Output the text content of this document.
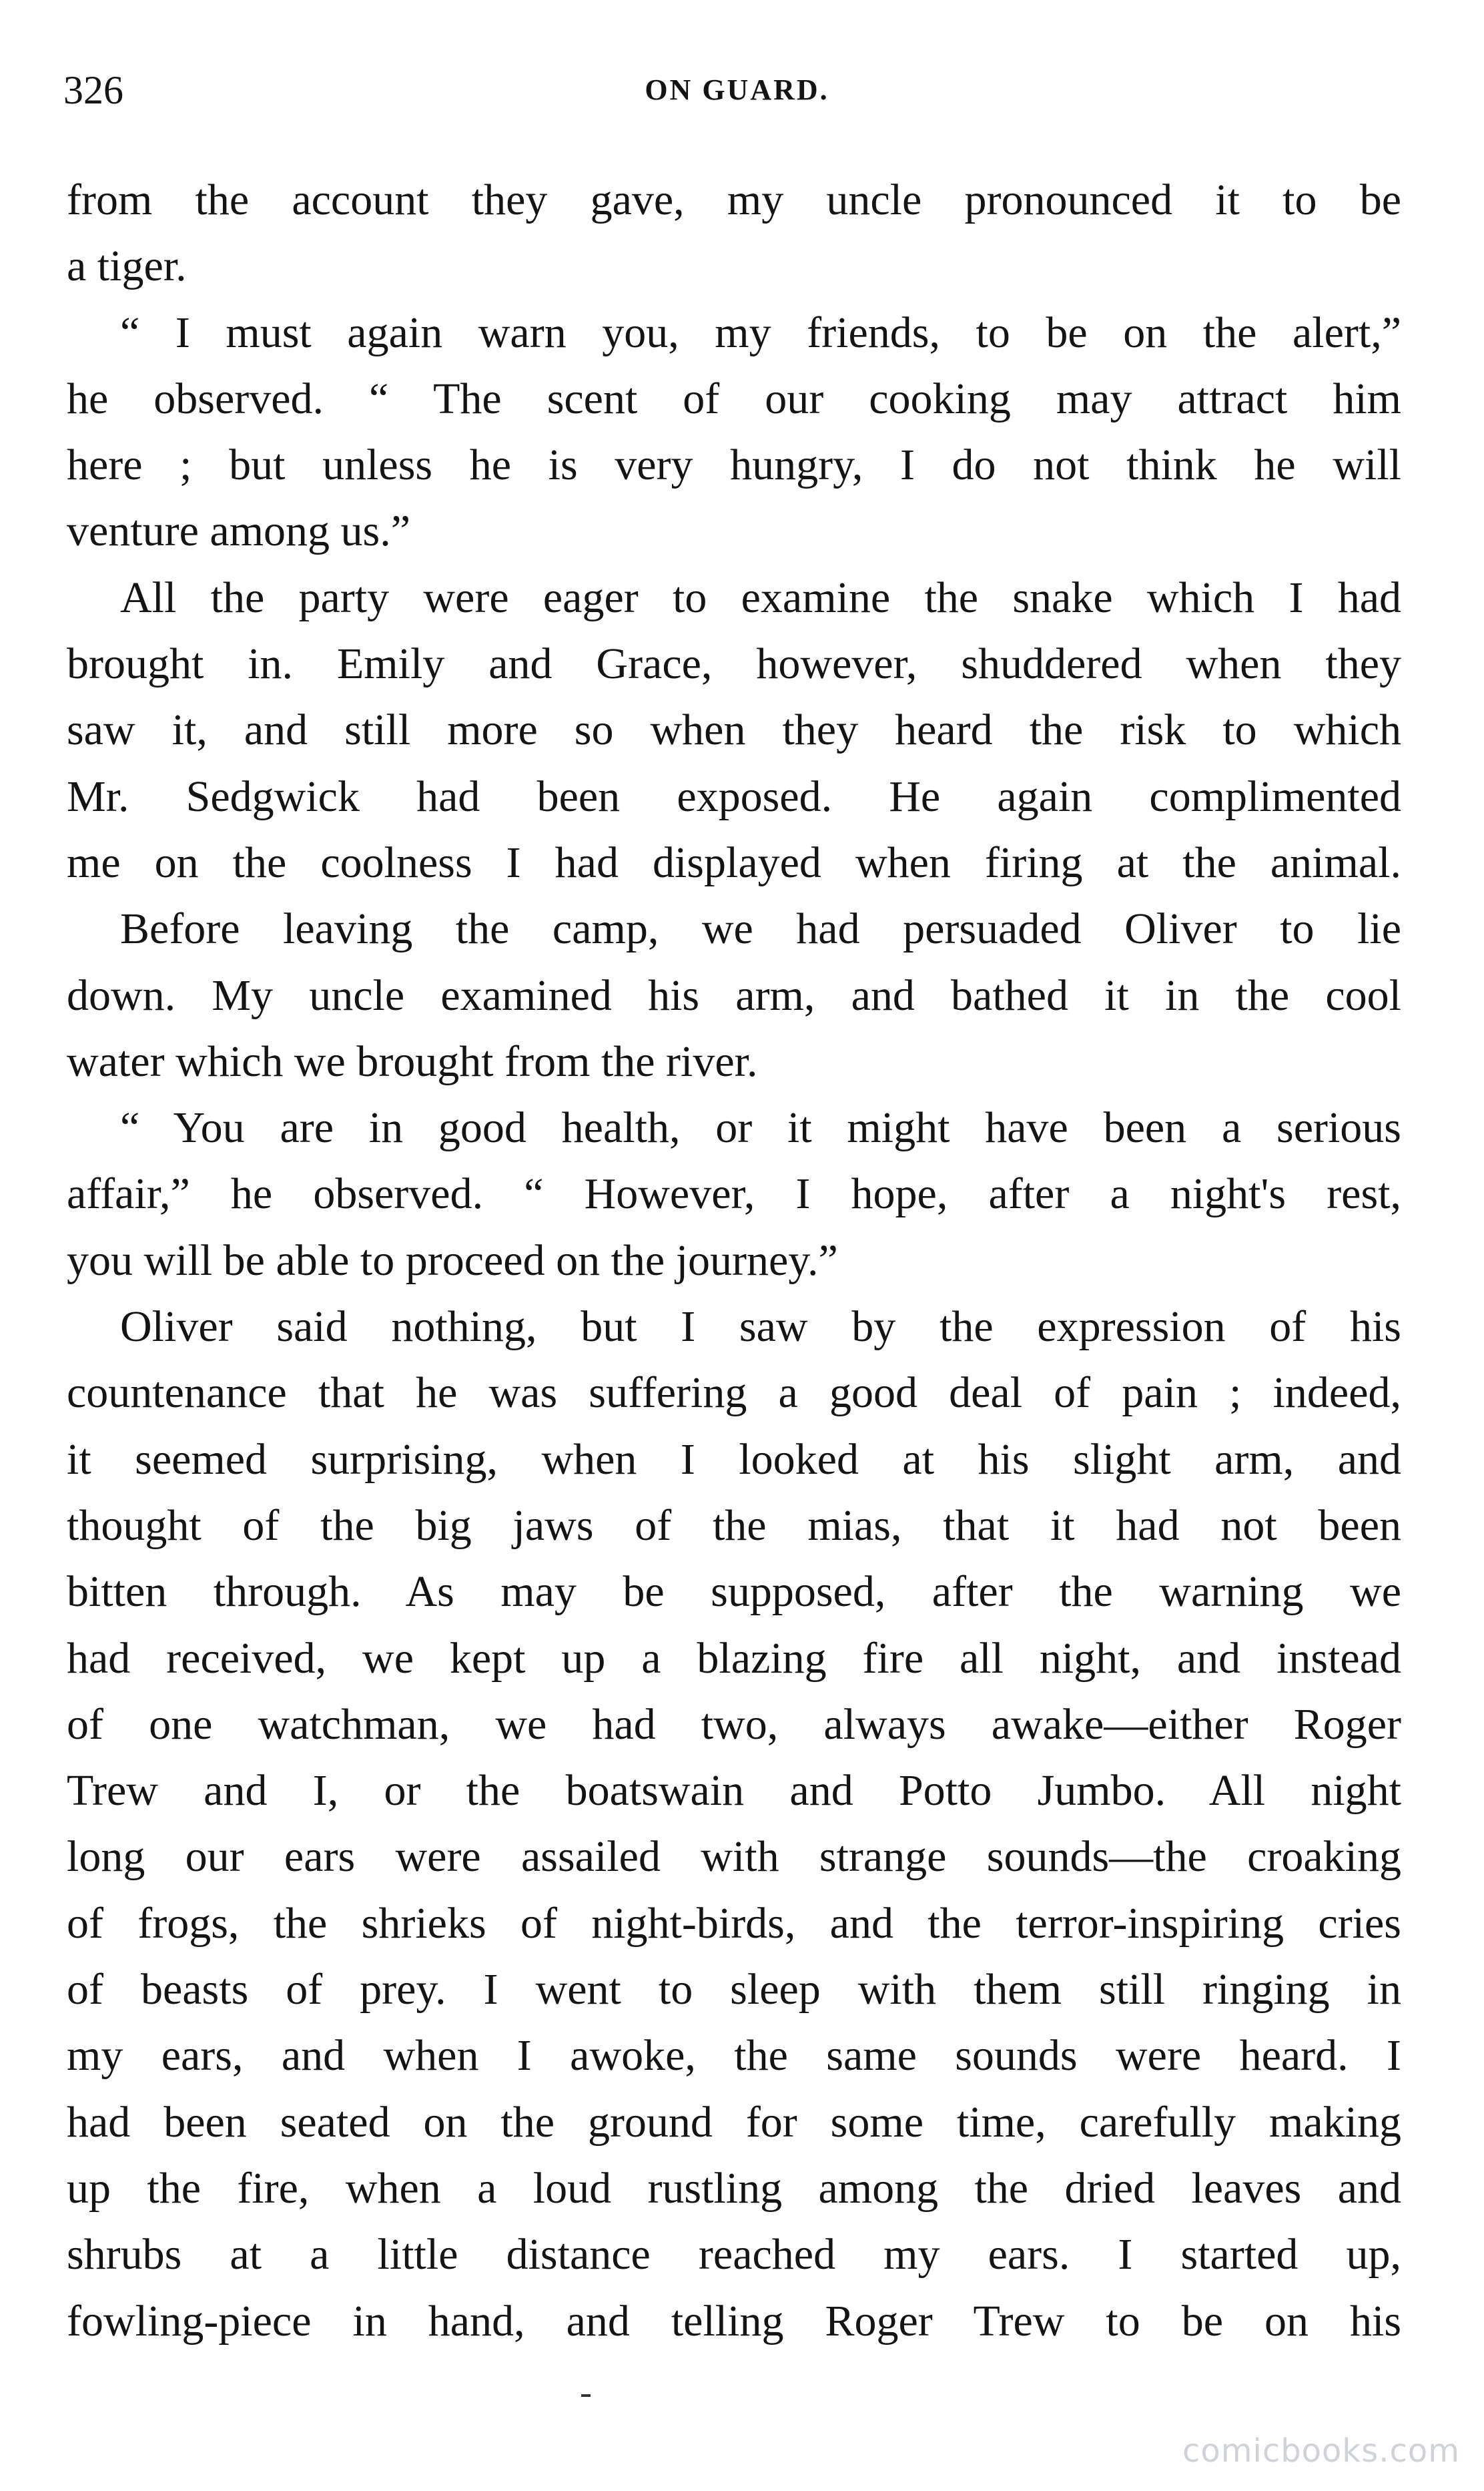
326	ON GUARD.
from the account they gave, my uncle pronounced it to be
a tiger.
“ I must again warn you, my friends, to be on the alert,”
he observed. “ The scent of our cooking may attract him
here ; but unless he is very hungry, I do not think he will
venture among us.”
All the party were eager to examine the snake which I had
brought in. Emily and Grace, however, shuddered when they
saw it, and still more so when they heard the risk to which
Mr. Sedgwick had been exposed. He again complimented
me on the coolness I had displayed when firing at the animal.
Before leaving the camp, we had persuaded Oliver to lie
down. My uncle examined his arm, and bathed it in the cool
water which we brought from the river.
“ You are in good health, or it might have been a serious
affair,” he observed. “ However, I hope, after a night's rest,
you will be able to proceed on the journey.”
Oliver said nothing, but I saw by the expression of his
countenance that he was suffering a good deal of pain ; indeed,
it seemed surprising, when I looked at his slight arm, and
thought of the big jaws of the mias, that it had not been
bitten through. As may be supposed, after the warning we
had received, we kept up a blazing fire all night, and instead
of one watchman, we had two, always awake—either Roger
Trew and I, or the boatswain and Potto Jumbo. All night
long our ears were assailed with strange sounds—the croaking
of frogs, the shrieks of night-birds, and the terror-inspiring cries
of beasts of prey. I went to sleep with them still ringing in
my ears, and when I awoke, the same sounds were heard. I
had been seated on the ground for some time, carefully making
up the fire, when a loud rustling among the dried leaves and
shrubs at a little distance reached my ears. I started up,
fowling-piece in hand, and telling Roger Trew to be on his
comicbooks.com
